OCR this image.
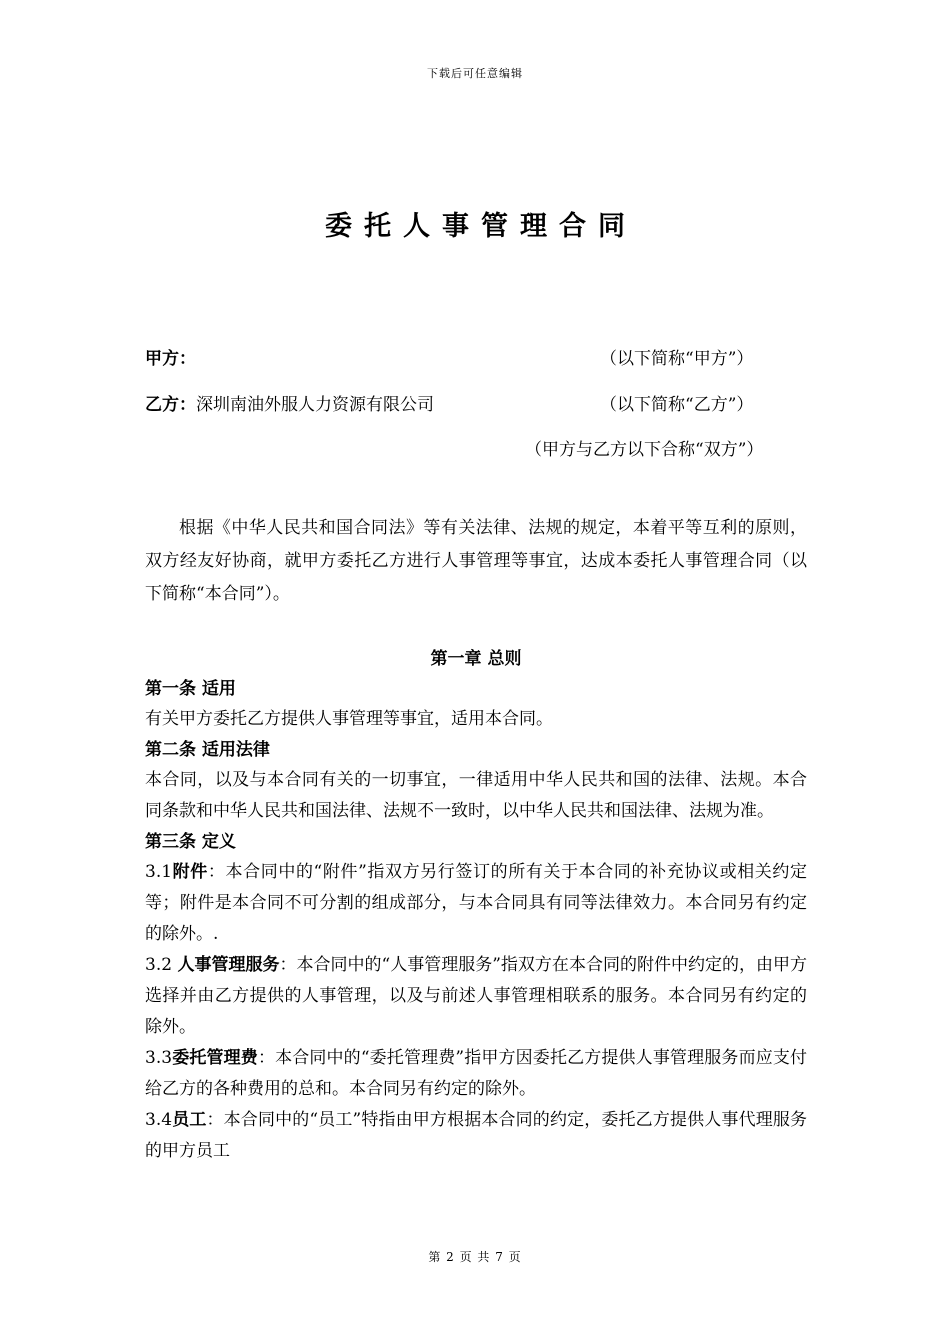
下载后可任意编辑
委托人事管理合同
甲方：	（以下简称“甲方”）
乙方：深圳南油外服人力资源有限公司	（以下简称“乙方”）
（甲方与乙方以下合称“双方”）

根据《中华人民共和国合同法》等有关法律、法规的规定，本着平等互利的原则，双方经友好协商，就甲方委托乙方进行人事管理等事宜，达成本委托人事管理合同（以下简称“本合同”）。

第一章 总则
第一条 适用

有关甲方委托乙方提供人事管理等事宜，适用本合同。

第二条 适用法律

本合同，以及与本合同有关的一切事宜，一律适用中华人民共和国的法律、法规。本合同条款和中华人民共和国法律、法规不一致时，以中华人民共和国法律、法规为准。

第三条 定义

3.1附件：本合同中的“附件”指双方另行签订的所有关于本合同的补充协议或相关约定等；附件是本合同不可分割的组成部分，与本合同具有同等法律效力。本合同另有约定的除外。.

3.2 人事管理服务：本合同中的“人事管理服务”指双方在本合同的附件中约定的，由甲方选择并由乙方提供的人事管理，以及与前述人事管理相联系的服务。本合同另有约定的除外。

3.3委托管理费：本合同中的“委托管理费”指甲方因委托乙方提供人事管理服务而应支付给乙方的各种费用的总和。本合同另有约定的除外。

3.4员工：本合同中的“员工”特指由甲方根据本合同的约定，委托乙方提供人事代理服务的甲方员工

第 2 页 共 7 页
